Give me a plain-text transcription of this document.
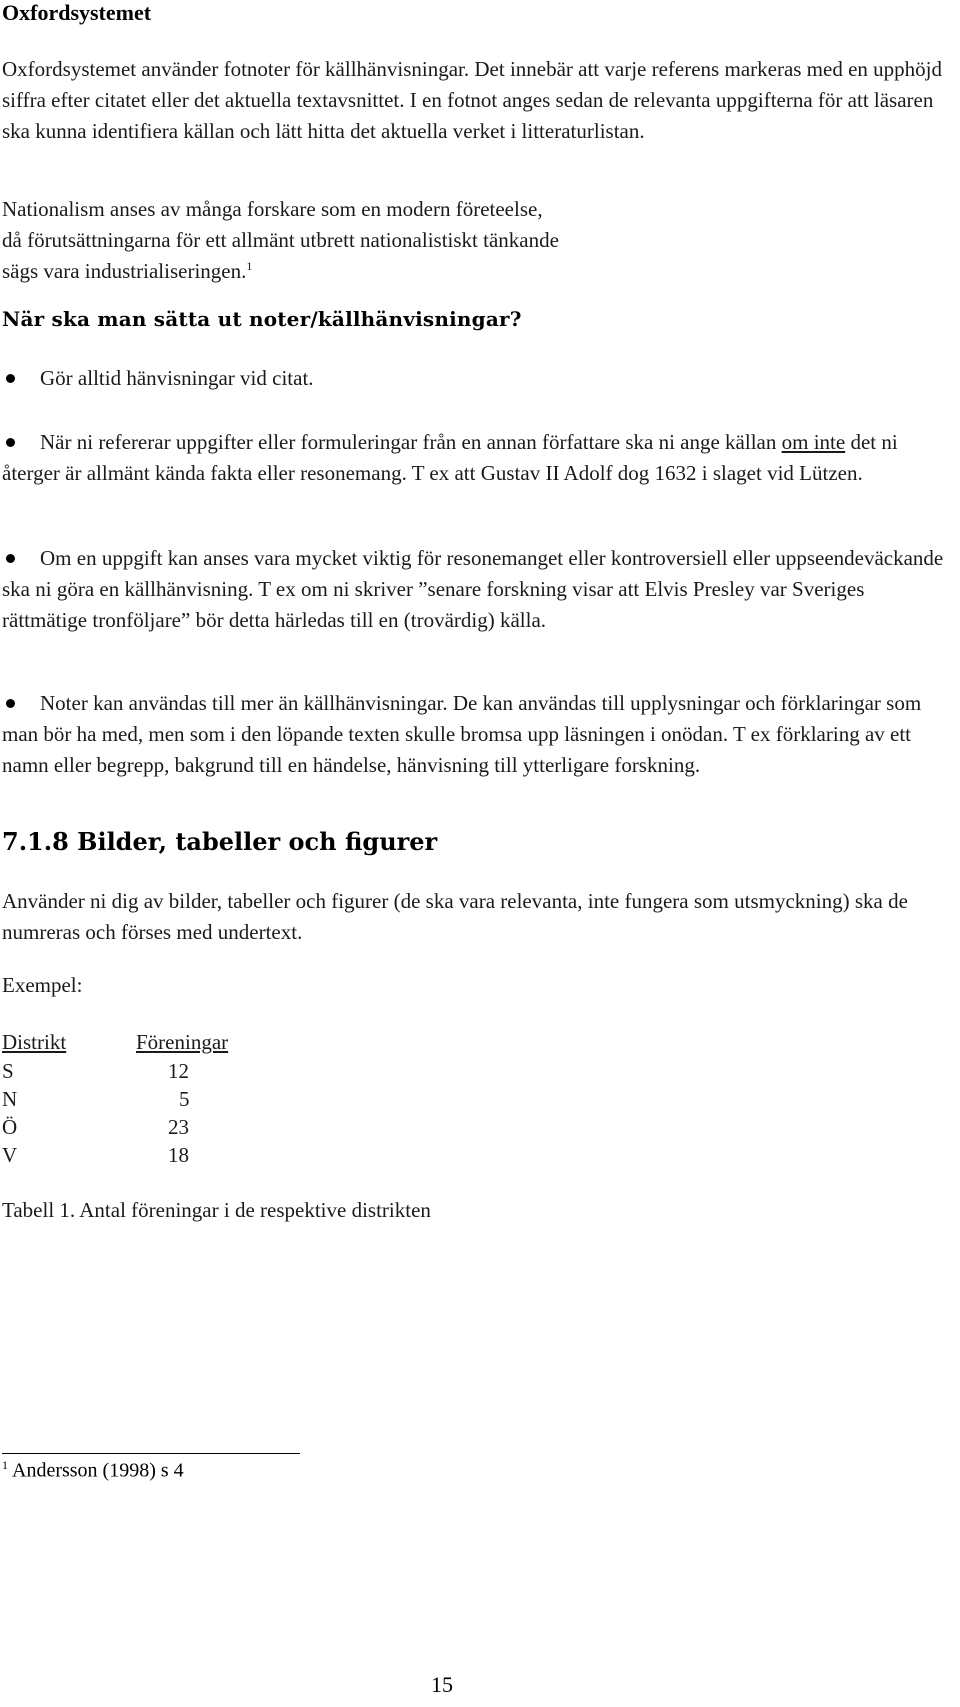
Oxfordsystemet

Oxfordsystemet använder fotnoter för källhänvisningar. Det innebär att varje referens markeras med en upphöjd siffra efter citatet eller det aktuella textavsnittet. I en fotnot anges sedan de relevanta uppgifterna för att läsaren ska kunna identifiera källan och lätt hitta det aktuella verket i litteraturlistan.

Nationalism anses av många forskare som en modern företeelse, då förutsättningarna för ett allmänt utbrett nationalistiskt tänkande sägs vara industrialiseringen.$^1$

När ska man sätta ut noter/källhänvisningar?

Gör alltid hänvisningar vid citat.

När ni refererar uppgifter eller formuleringar från en annan författare ska ni ange källan om inte det ni återger är allmänt kända fakta eller resonemang. T ex att Gustav II Adolf dog 1632 i slaget vid Lützen.

Om en uppgift kan anses vara mycket viktig för resonemanget eller kontroversiell eller uppseendeväckande ska ni göra en källhänvisning. T ex om ni skriver ”senare forskning visar att Elvis Presley var Sveriges rättmätige tronföljare” bör detta härledas till en (trovärdig) källa.

Noter kan användas till mer än källhänvisningar. De kan användas till upplysningar och förklaringar som man bör ha med, men som i den löpande texten skulle bromsa upp läsningen i onödan. T ex förklaring av ett namn eller begrepp, bakgrund till en händelse, hänvisning till ytterligare forskning.

7.1.8 Bilder, tabeller och figurer

Använder ni dig av bilder, tabeller och figurer (de ska vara relevanta, inte fungera som utsmyckning) ska de numreras och förses med undertext.

Exempel:

Distrikt	Föreningar
S	12
N	5
Ö	23
V	18

Tabell 1. Antal föreningar i de respektive distrikten

$^1$ Andersson (1998) s 4

15
